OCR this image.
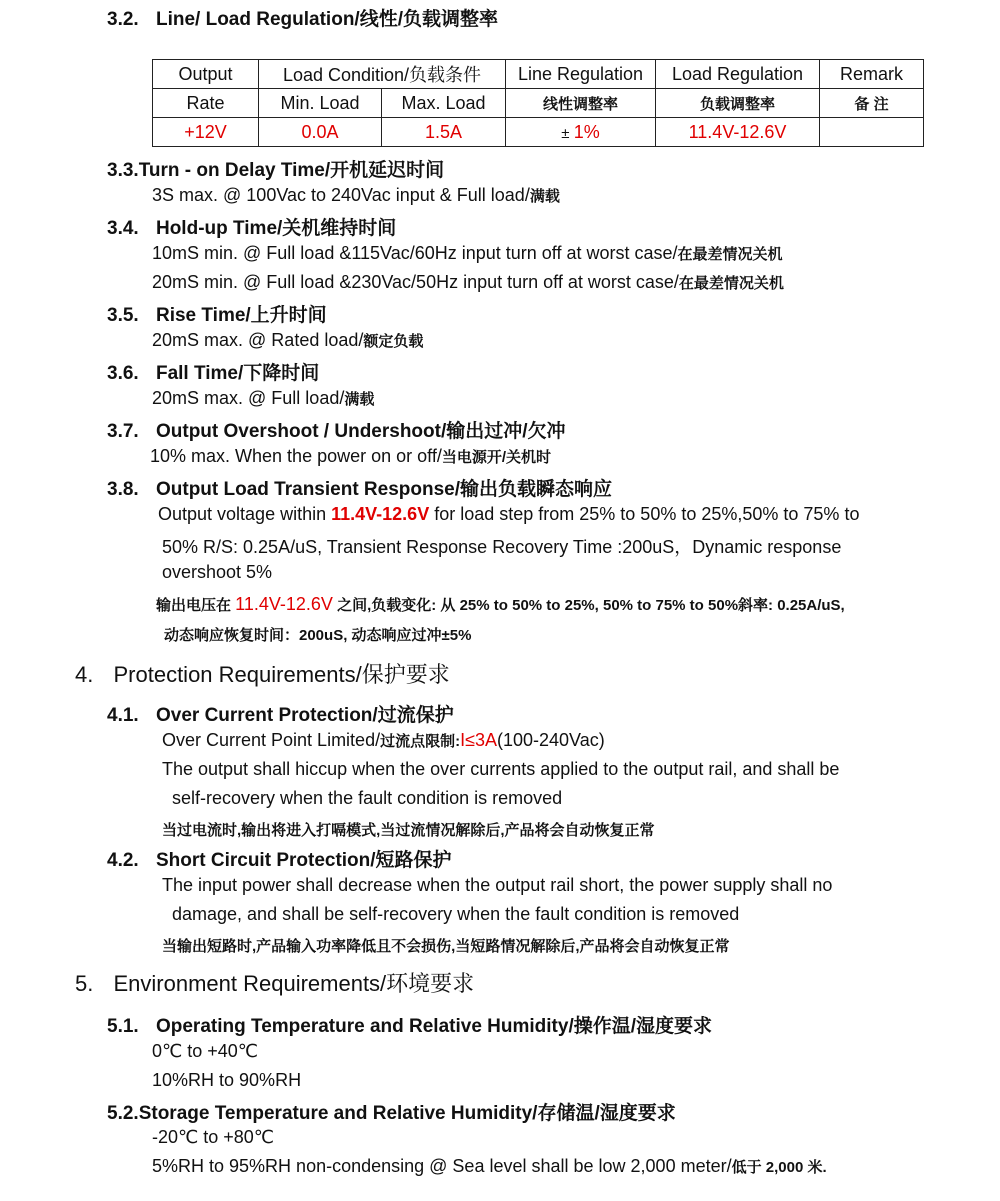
3.2. Line/ Load Regulation/线性/负载调整率
Output	Load Condition/负载条件		Line Regulation	Load Regulation	Remark
Rate	Min. Load	Max. Load	线性调整率	负载调整率	备 注
+12V	0.0A	1.5A	± 1%	11.4V-12.6V	
3.3.Turn - on Delay Time/开机延迟时间
3S max. @ 100Vac to 240Vac input & Full load/满载
3.4. Hold-up Time/关机维持时间
10mS min. @ Full load &115Vac/60Hz input turn off at worst case/在最差情况关机
20mS min. @ Full load &230Vac/50Hz input turn off at worst case/在最差情况关机
3.5. Rise Time/上升时间
20mS max. @ Rated load/额定负载
3.6. Fall Time/下降时间
20mS max. @ Full load/满载
3.7. Output Overshoot / Undershoot/输出过冲/欠冲
10% max. When the power on or off/当电源开/关机时
3.8. Output Load Transient Response/输出负载瞬态响应
Output voltage within 11.4V-12.6V for load step from 25% to 50% to 25%,50% to 75% to
50% R/S: 0.25A/uS, Transient Response Recovery Time :200uS，Dynamic response
overshoot 5%
输出电压在 11.4V-12.6V 之间,负载变化: 从 25% to 50% to 25%, 50% to 75% to 50%斜率: 0.25A/uS,
动态响应恢复时间：200uS, 动态响应过冲±5%
4. Protection Requirements/保护要求
4.1. Over Current Protection/过流保护
Over Current Point Limited/过流点限制:I≤3A(100-240Vac)
The output shall hiccup when the over currents applied to the output rail, and shall be
self-recovery when the fault condition is removed
当过电流时,输出将进入打嗝模式,当过流情况解除后,产品将会自动恢复正常
4.2. Short Circuit Protection/短路保护
The input power shall decrease when the output rail short, the power supply shall no
damage, and shall be self-recovery when the fault condition is removed
当输出短路时,产品输入功率降低且不会损伤,当短路情况解除后,产品将会自动恢复正常
5. Environment Requirements/环境要求
5.1. Operating Temperature and Relative Humidity/操作温/湿度要求
0℃ to +40℃
10%RH to 90%RH
5.2.Storage Temperature and Relative Humidity/存储温/湿度要求
-20℃ to +80℃
5%RH to 95%RH non-condensing @ Sea level shall be low 2,000 meter/低于 2,000 米.
